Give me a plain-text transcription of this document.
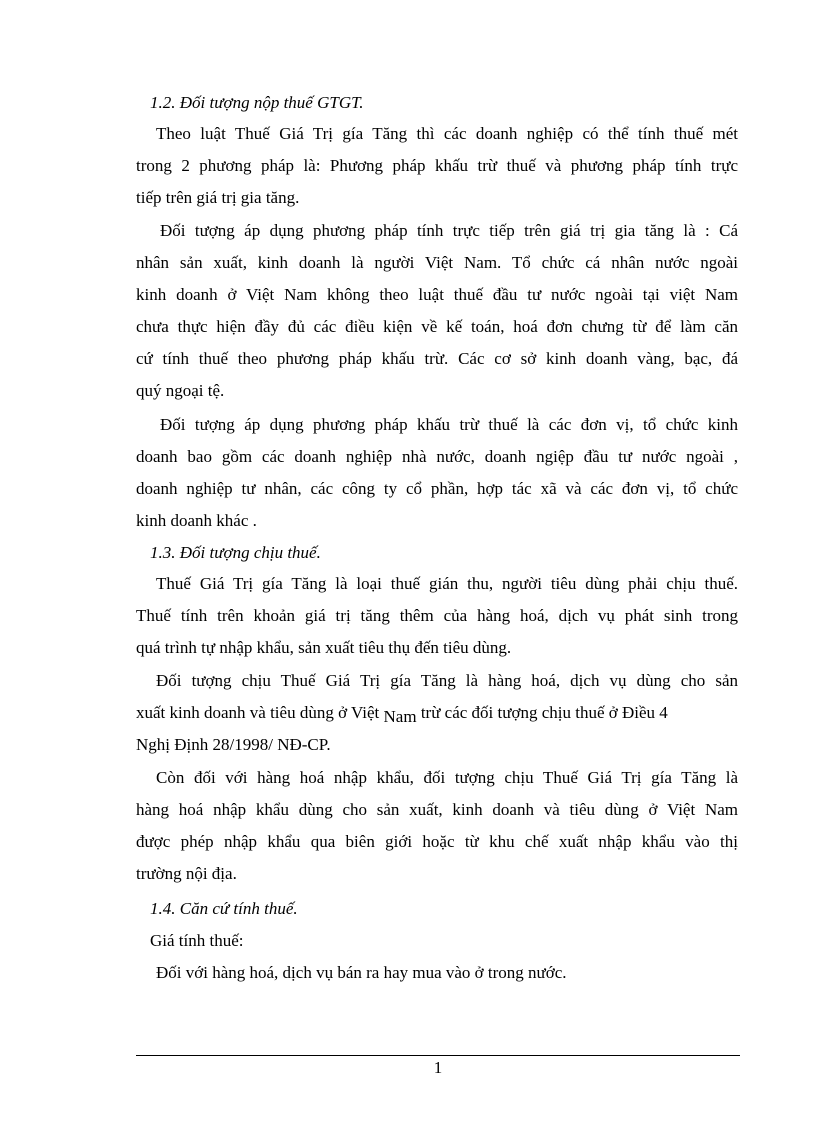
1.2. Đối tượng nộp thuế GTGT.
Theo luật Thuế Giá Trị gía Tăng thì các doanh nghiệp có thể tính thuế mét
trong 2 phương pháp là: Phương pháp khấu trừ thuế và phương pháp tính trực
tiếp trên giá trị gia tăng.
Đối tượng áp dụng phương pháp tính trực tiếp trên giá trị gia tăng là : Cá
nhân sản xuất, kinh doanh là người Việt Nam. Tổ chức cá nhân nước ngoài
kinh doanh ở Việt Nam không theo luật thuế đầu tư nước ngoài tại việt Nam
chưa thực hiện đầy đủ các điều kiện về kế toán, hoá đơn chưng từ để làm căn
cứ tính thuế theo phương pháp khấu trừ. Các cơ sở kinh doanh vàng, bạc, đá
quý ngoại tệ.
Đối tượng áp dụng phương pháp khấu trừ thuế là các đơn vị, tổ chức kinh
doanh bao gồm các doanh nghiệp nhà nước, doanh ngiệp đầu tư nước ngoài ,
doanh nghiệp tư nhân, các công ty cổ phần, hợp tác xã và các đơn vị, tổ chức
kinh doanh khác .
1.3. Đối tượng chịu thuế.
Thuế Giá Trị gía Tăng là loại thuế gián thu, người tiêu dùng phải chịu thuế.
Thuế tính trên khoản giá trị tăng thêm của hàng hoá, dịch vụ phát sinh trong
quá trình tự nhập khẩu, sản xuất tiêu thụ đến tiêu dùng.
Đối tượng chịu Thuế Giá Trị gía Tăng là hàng hoá, dịch vụ dùng cho sản
xuất kinh doanh và tiêu dùng ở Việt Nam trừ các đối tượng chịu thuế ở Điều 4
Nghị Định 28/1998/ NĐ-CP.
Còn đối với hàng hoá nhập khẩu, đối tượng chịu Thuế Giá Trị gía Tăng là
hàng hoá nhập khẩu dùng cho sản xuất, kinh doanh và tiêu dùng ở Việt Nam
được phép nhập khẩu qua biên giới hoặc từ khu chế xuất nhập khẩu vào thị
trường nội địa.
1.4. Căn cứ tính thuế.
Giá tính thuế:
Đối với hàng hoá, dịch vụ bán ra hay mua vào ở trong nước.
1
